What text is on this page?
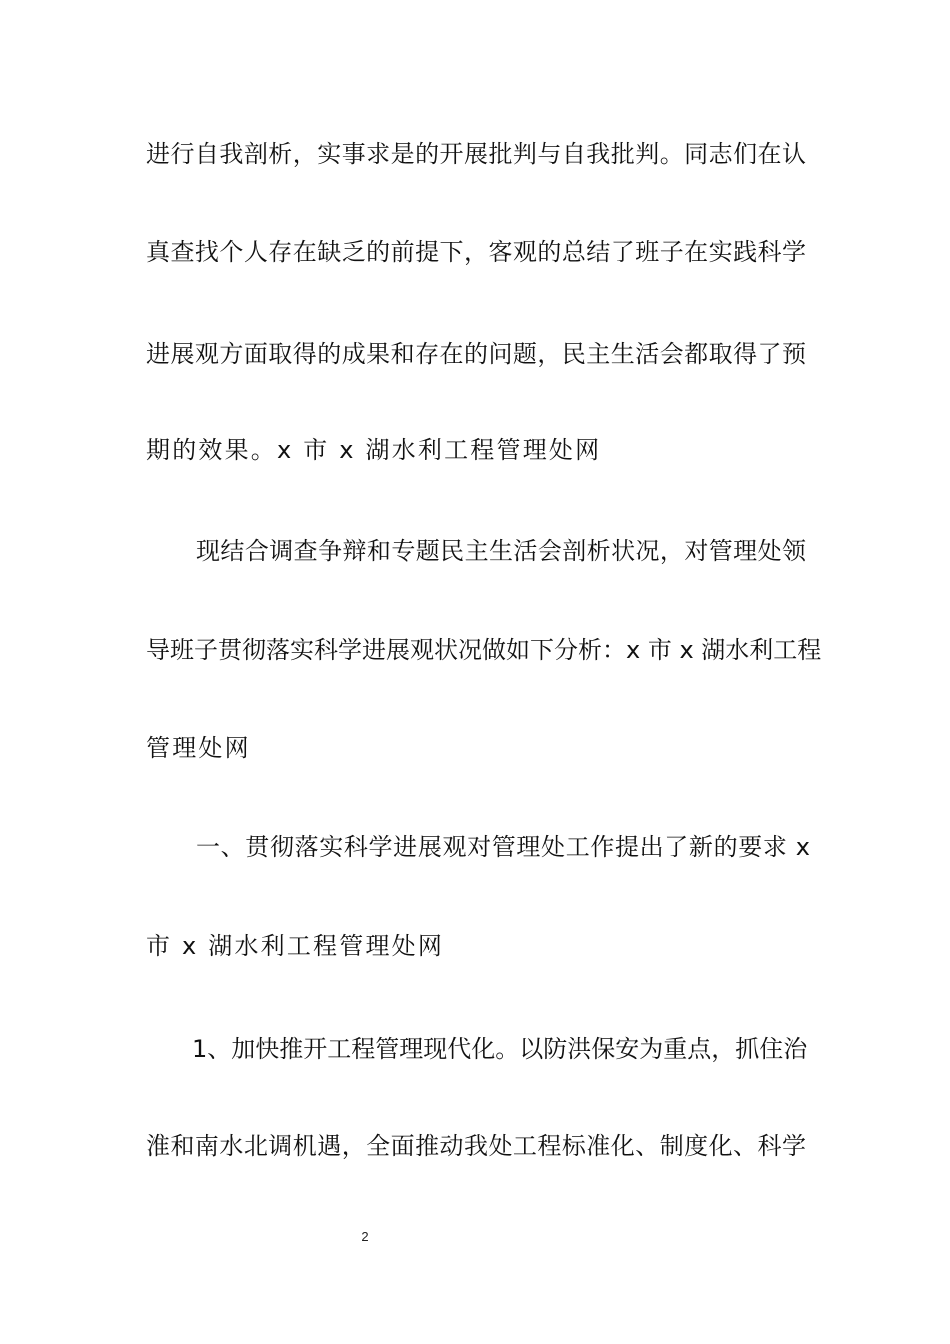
进行自我剖析，实事求是的开展批判与自我批判。同志们在认

真查找个人存在缺乏的前提下，客观的总结了班子在实践科学

进展观方面取得的成果和存在的问题，民主生活会都取得了预

期的效果。x 市 x 湖水利工程管理处网

现结合调查争辩和专题民主生活会剖析状况，对管理处领

导班子贯彻落实科学进展观状况做如下分析：x 市 x 湖水利工程

管理处网

一、贯彻落实科学进展观对管理处工作提出了新的要求 x

市 x 湖水利工程管理处网

1、加快推开工程管理现代化。以防洪保安为重点，抓住治

淮和南水北调机遇，全面推动我处工程标准化、制度化、科学

2
